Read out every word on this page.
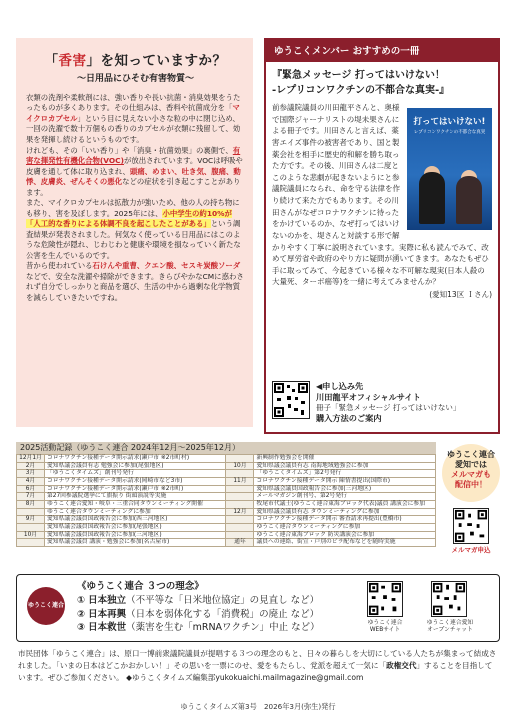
「香害」を知っていますか？
～日用品にひそむ有害物質～

衣類の洗剤や柔軟剤には、強い香りや長い抗菌・消臭効果をうたったものが多くあります。その仕組みは、香料や抗菌成分を「マイクロカプセル」という目に見えない小さな粒の中に閉じ込め、一回の洗濯で数十万個もの香りのカプセルが衣類に残留して、効果を発揮し続けるというものです。

けれども、その「いい香り」や「消臭・抗菌効果」の裏側で、有害な揮発性有機化合物(VOC)が放出されています。VOCは呼吸や皮膚を通して体に取り込まれ、頭痛、めまい、吐き気、腹痛、動悸、皮膚炎、ぜんそくの悪化などの症状を引き起こすことがあります。

また、マイクロカプセルは拡散力が強いため、他の人の持ち物にも移り、害を及ぼします。2025年には、小中学生の約10%が「人工的な香りによる体調不良を起こしたことがある」という調査結果が発表されました。何気なく使っている日用品にはこのような危険性が隠れ、じわじわと健康や環境を損なっていく新たな公害を生んでいるのです。

昔から使われている石けんや重曹、クエン酸、セスキ炭酸ソーダなどで、安全な洗濯や掃除ができます。きらびやかなCMに惑わされず自分でしっかりと商品を選び、生活の中から過剰な化学物質を減らしていきたいですね。

ゆうこくメンバー おすすめの一冊
『緊急メッセージ 打ってはいけない！
-レプリコンワクチンの不都合な真実-』
打ってはいけない!
レプリコンワクチンの不都合な真実
前参議院議員の川田龍平さんと、奥様で国際ジャーナリストの堤未果さんによる冊子です。川田さんと言えば、薬害エイズ事件の被害者であり、国と製薬会社を相手に歴史的和解を勝ち取った方です。その後、川田さんは二度とこのような悲劇が起きないようにと参議院議員になられ、命を守る法律を作り続けて来た方でもあります。その川田さんがなぜコロナワクチンに待ったをかけているのか、なぜ打ってはいけないのかを、堤さんと対談する形で解かりやすく丁寧に説明されています。実際に私も読んでみて、改めて厚労省や政府のやり方に疑問が湧いてきます。あなたもぜひ手に取ってみて、今起きている様々な不可解な現実(日本人殺の大量死、ターボ癌等)を一緒に考えてみませんか？
(愛知13区 Ｉさん)
◀申し込み先
川田龍平オフィシャルサイト
冊子「緊急メッセージ 打ってはいけない」
購入方法のご案内
2025活動記録（ゆうこく連合 2024年12月～2025年12月）
12月1月	コロナワクチン接種データ開示請求(瀬戸市 ※2市町村)		新興制作勉強会を開催
2月	愛知県議会議員有志 勉強会に参加(尾張地区)	10月	愛知県議会議員有志 南海地域勉強会に参加
3月	「ゆうこくタイムズ」創刊号発行		「ゆうこくタイムズ」第2号発行
4月	コロナワクチン接種データ開示請求(岡崎市など3市)	11月	コロナワクチン接種データ開示 陳情書提出(国際市)
6月	コロナワクチン接種データ開示請求(瀬戸市 ※2市町)		愛知県議会議員国政報告会に参加(三河地区)
7月	第27回参議院選挙にて旗振り 街頭演説等実施		メールマガジン創刊号、第2号発行
8月	ゆうこく連合愛知・岐阜・三重合同タウンミーティング開催		牧尾市代議士(ゆうこく連合東海ブロック代表)議員 講演会に参加
	ゆうこく連合タウンミーティングに参加	12月	愛知県議会議員有志 タウンミーティングに参加
9月	愛知県議会議員国政報告会に参加(西三河地区)		コロナワクチン接種データ開示 審査請求再提出(豊橋市)
	愛知県議会議員国政報告会に参加(尾張地区)		ゆうこく連合タウンミーティングに参加
10月	愛知県議会議員国政報告会に参加(三河地区)		ゆうこく連合東海ブロック 防災講演会に参加
	愛知県議会議員 講演・勉強会に参加(名古屋市)	通年	議員への連絡、街宣・戸別のビラ配布などを随時実施
ゆうこく連合
愛知では
メルマガも
配信中！
メルマガ申込
ゆうこく連合
《ゆうこく連合 ３つの理念》
① 日本独立（不平等な「日米地位協定」の見直し など）
② 日本再興（日本を弱体化する「消費税」の廃止 など）
③ 日本救世（薬害を生む「mRNAワクチン」中止 など）	ゆうこく連合
WEBサイト
ゆうこく連合愛知
オープンチャット
市民団体「ゆうこく連合」は、原口一博前衆議院議員が提唱する３つの理念のもと、日々の暮らしを大切にしている人たちが集まって結成されました。「いまの日本はどこかおかしい！」その思いを一票にのせ、愛をもたらし、党派を超えて一気に「政権交代」することを目指しています。ぜひご参加ください。 ◆ゆうこくタイムズ編集部yukokuaichi.mailmagazine@gmail.com
ゆうこくタイムズ第3号　2026年3月(弥生)発行
